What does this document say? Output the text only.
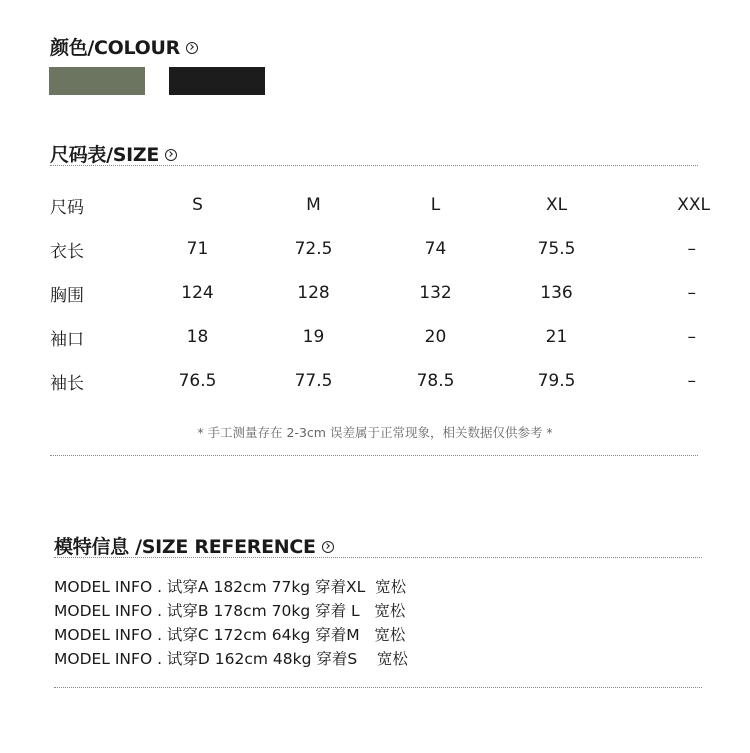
颜色/COLOUR
尺码表/SIZE
尺码	S	M	L	XL	XXL
衣长	71	72.5	74	75.5	–
胸围	124	128	132	136	–
袖口	18	19	20	21	–
袖长	76.5	77.5	78.5	79.5	–
* 手工测量存在 2-3cm 误差属于正常现象，相关数据仅供参考 *
模特信息 /SIZE REFERENCE
MODEL INFO . 试穿A 182cm 77kg 穿着XL  宽松
MODEL INFO . 试穿B 178cm 70kg 穿着 L   宽松
MODEL INFO . 试穿C 172cm 64kg 穿着M   宽松
MODEL INFO . 试穿D 162cm 48kg 穿着S    宽松
